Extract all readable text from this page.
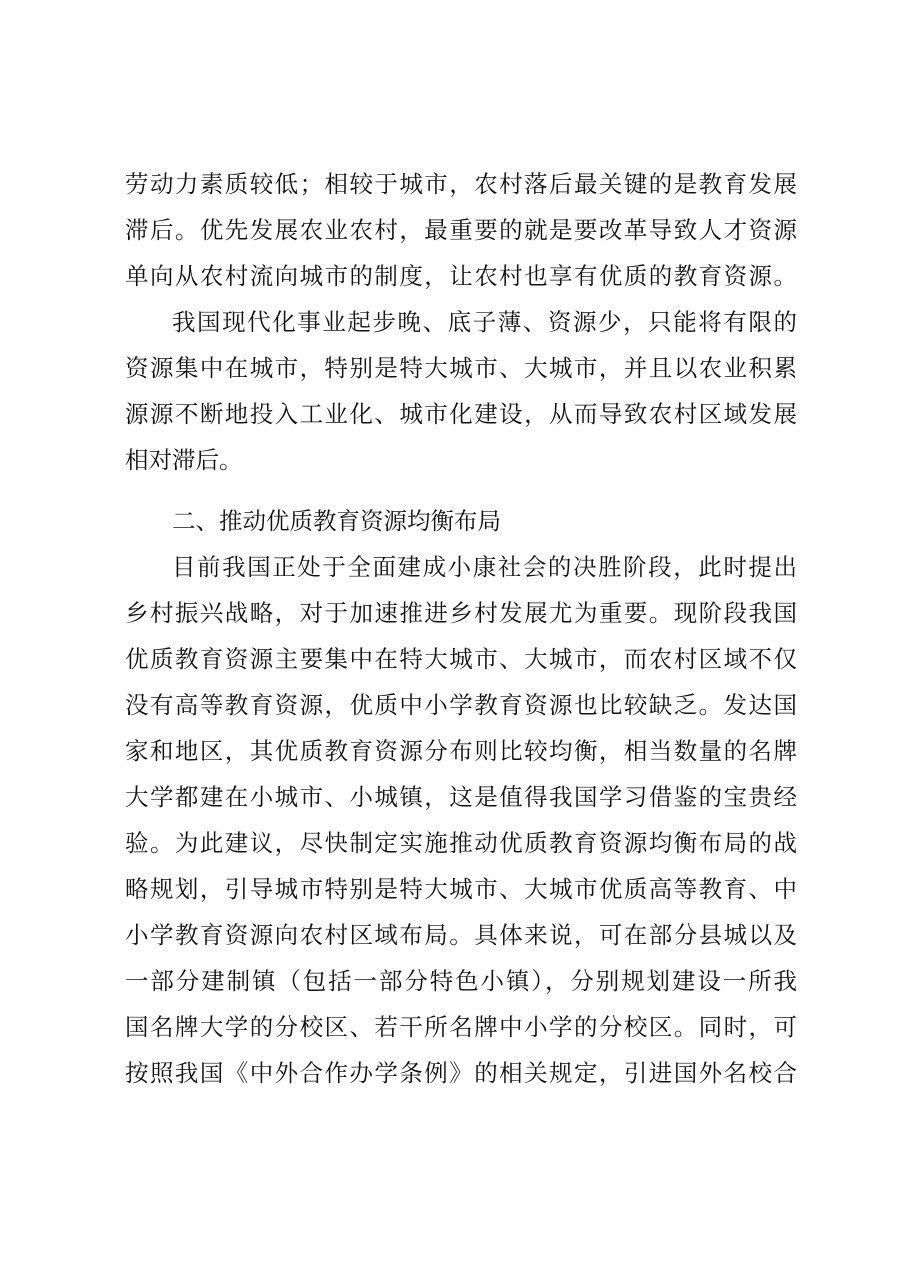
劳动力素质较低；相较于城市，农村落后最关键的是教育发展
滞后。优先发展农业农村，最重要的就是要改革导致人才资源
单向从农村流向城市的制度，让农村也享有优质的教育资源。
我国现代化事业起步晚、底子薄、资源少，只能将有限的
资源集中在城市，特别是特大城市、大城市，并且以农业积累
源源不断地投入工业化、城市化建设，从而导致农村区域发展
相对滞后。
二、推动优质教育资源均衡布局
目前我国正处于全面建成小康社会的决胜阶段，此时提出
乡村振兴战略，对于加速推进乡村发展尤为重要。现阶段我国
优质教育资源主要集中在特大城市、大城市，而农村区域不仅
没有高等教育资源，优质中小学教育资源也比较缺乏。发达国
家和地区，其优质教育资源分布则比较均衡，相当数量的名牌
大学都建在小城市、小城镇，这是值得我国学习借鉴的宝贵经
验。为此建议，尽快制定实施推动优质教育资源均衡布局的战
略规划，引导城市特别是特大城市、大城市优质高等教育、中
小学教育资源向农村区域布局。具体来说，可在部分县城以及
一部分建制镇（包括一部分特色小镇），分别规划建设一所我
国名牌大学的分校区、若干所名牌中小学的分校区。同时，可
按照我国《中外合作办学条例》的相关规定，引进国外名校合
